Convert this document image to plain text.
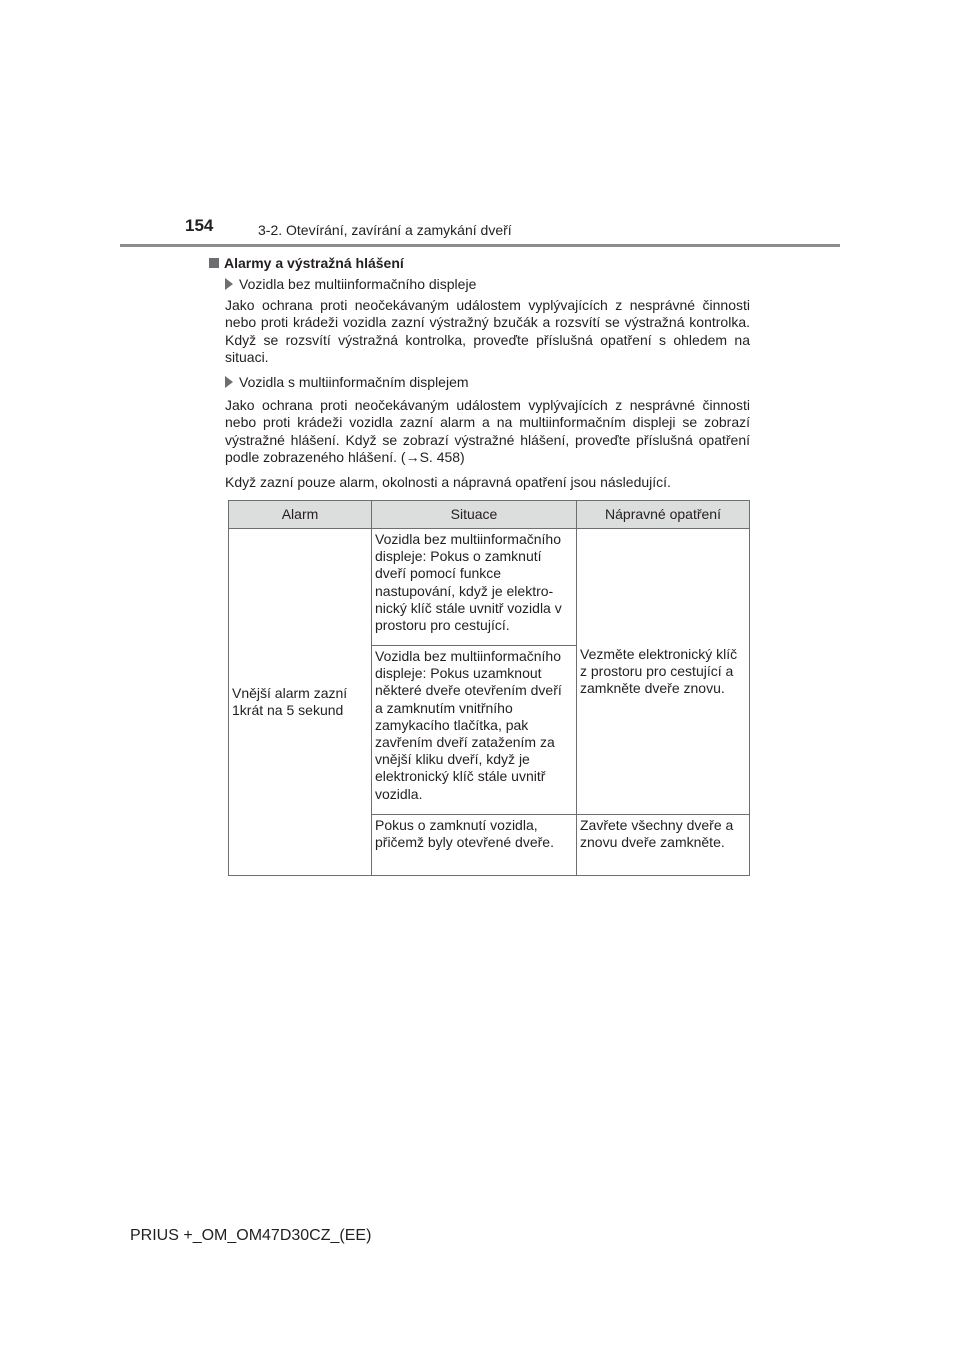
154	3-2. Otevírání, zavírání a zamykání dveří
Alarmy a výstražná hlášení
Vozidla bez multiinformačního displeje

Jako ochrana proti neočekávaným událostem vyplývajících z nesprávné činnosti nebo proti krádeži vozidla zazní výstražný bzučák a rozsvítí se výstražná kontrolka. Když se rozsvítí výstražná kontrolka, proveďte příslušná opatření s ohledem na situaci.

Vozidla s multiinformačním displejem

Jako ochrana proti neočekávaným událostem vyplývajících z nesprávné činnosti nebo proti krádeži vozidla zazní alarm a na multiinformačním displeji se zobrazí výstražné hlášení. Když se zobrazí výstražné hlášení, proveďte příslušná opatření podle zobrazeného hlášení. (→S. 458)

Když zazní pouze alarm, okolnosti a nápravná opatření jsou následující.

Alarm	Situace	Nápravné opatření
Vnější alarm zazní 1krát na 5 sekund	Vozidla bez multiinformačního displeje: Pokus o zamknutí dveří pomocí funkce nastupování, když je elektronický klíč stále uvnitř vozidla v prostoru pro cestující.	Vezměte elektronický klíč z prostoru pro cestující a zamkněte dveře znovu.
	Vozidla bez multiinformačního displeje: Pokus uzamknout některé dveře otevřením dveří a zamknutím vnitřního zamykacího tlačítka, pak zavřením dveří zatažením za vnější kliku dveří, když je elektronický klíč stále uvnitř vozidla.	
	Pokus o zamknutí vozidla, přičemž byly otevřené dveře.	Zavřete všechny dveře a znovu dveře zamkněte.
PRIUS +_OM_OM47D30CZ_(EE)
